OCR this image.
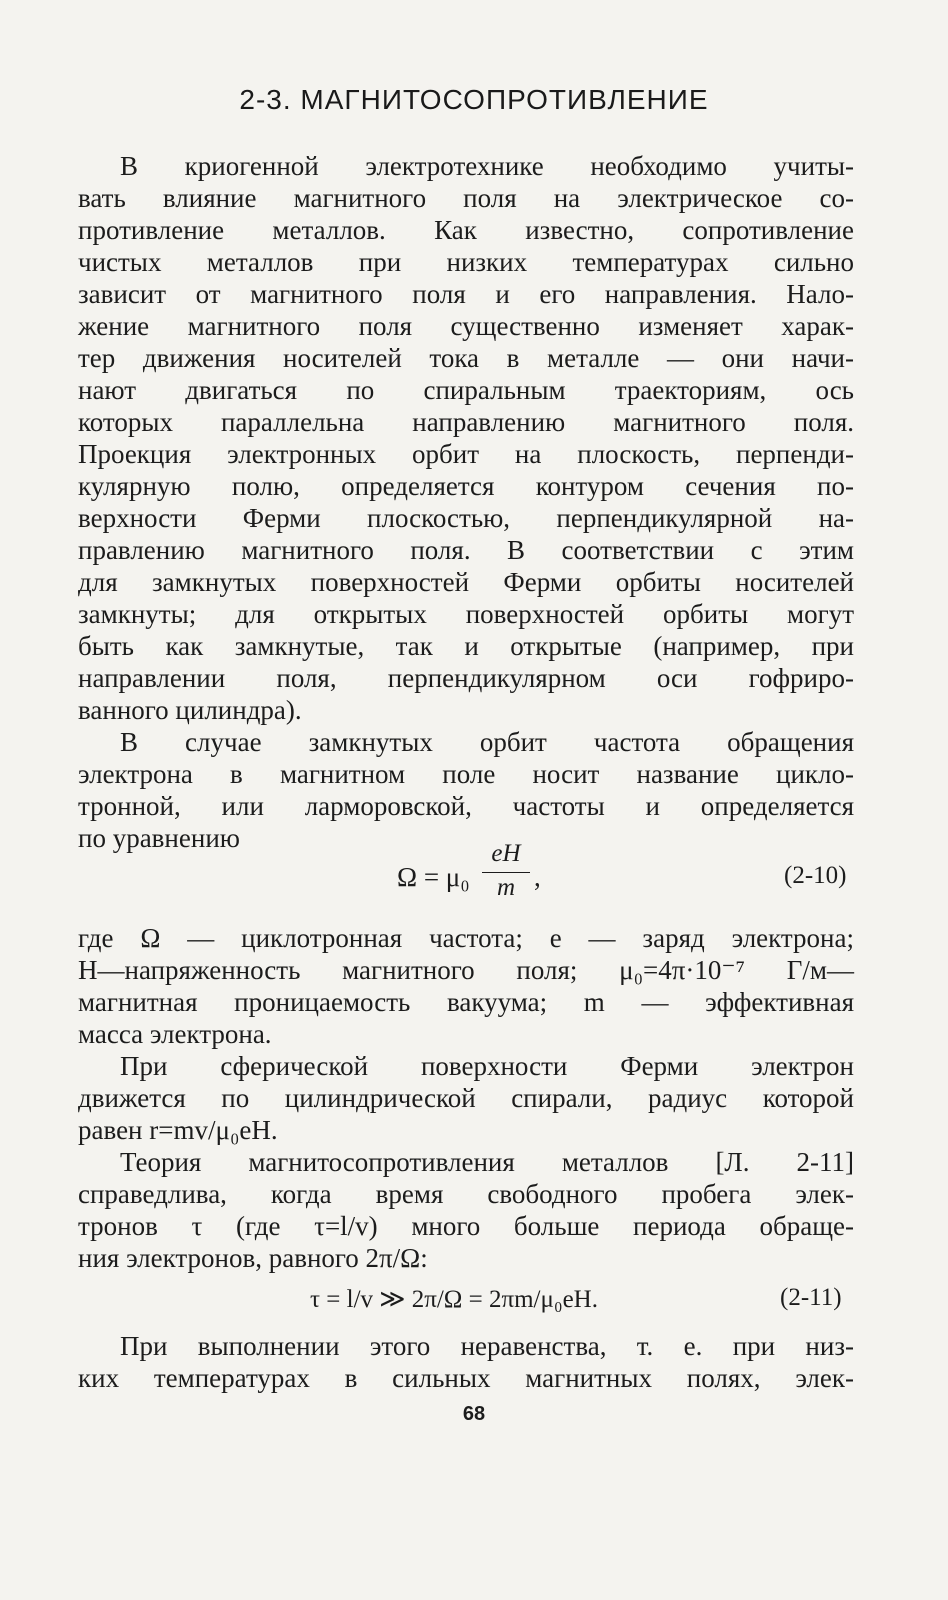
2-3. МАГНИТОСОПРОТИВЛЕНИЕ
В криогенной электротехнике необходимо учиты-
вать влияние магнитного поля на электрическое со-
противление металлов. Как известно, сопротивление
чистых металлов при низких температурах сильно
зависит от магнитного поля и его направления. Нало-
жение магнитного поля существенно изменяет харак-
тер движения носителей тока в металле — они начи-
нают двигаться по спиральным траекториям, ось
которых параллельна направлению магнитного поля.
Проекция электронных орбит на плоскость, перпенди-
кулярную полю, определяется контуром сечения по-
верхности Ферми плоскостью, перпендикулярной на-
правлению магнитного поля. В соответствии с этим
для замкнутых поверхностей Ферми орбиты носителей
замкнуты; для открытых поверхностей орбиты могут
быть как замкнутые, так и открытые (например, при
направлении поля, перпендикулярном оси гофриро-
ванного цилиндра).
В случае замкнутых орбит частота обращения
электрона в магнитном поле носит название цикло-
тронной, или ларморовской, частоты и определяется
по уравнению
Ω = μ₀
eH
m ,	(2-10)
где Ω — циклотронная частота; e — заряд электрона;
H—напряженность магнитного поля; μ₀=4π·10⁻⁷ Г/м—
магнитная проницаемость вакуума; m — эффективная
масса электрона.
При сферической поверхности Ферми электрон
движется по цилиндрической спирали, радиус которой
равен r=mv/μ₀eH.
Теория магнитосопротивления металлов [Л. 2-11]
справедлива, когда время свободного пробега элек-
тронов τ (где τ=l/v) много больше периода обраще-
ния электронов, равного 2π/Ω:
τ = l/v ≫ 2π/Ω = 2πm/μ₀eH.	(2-11)
При выполнении этого неравенства, т. е. при низ-
ких температурах в сильных магнитных полях, элек-
68
